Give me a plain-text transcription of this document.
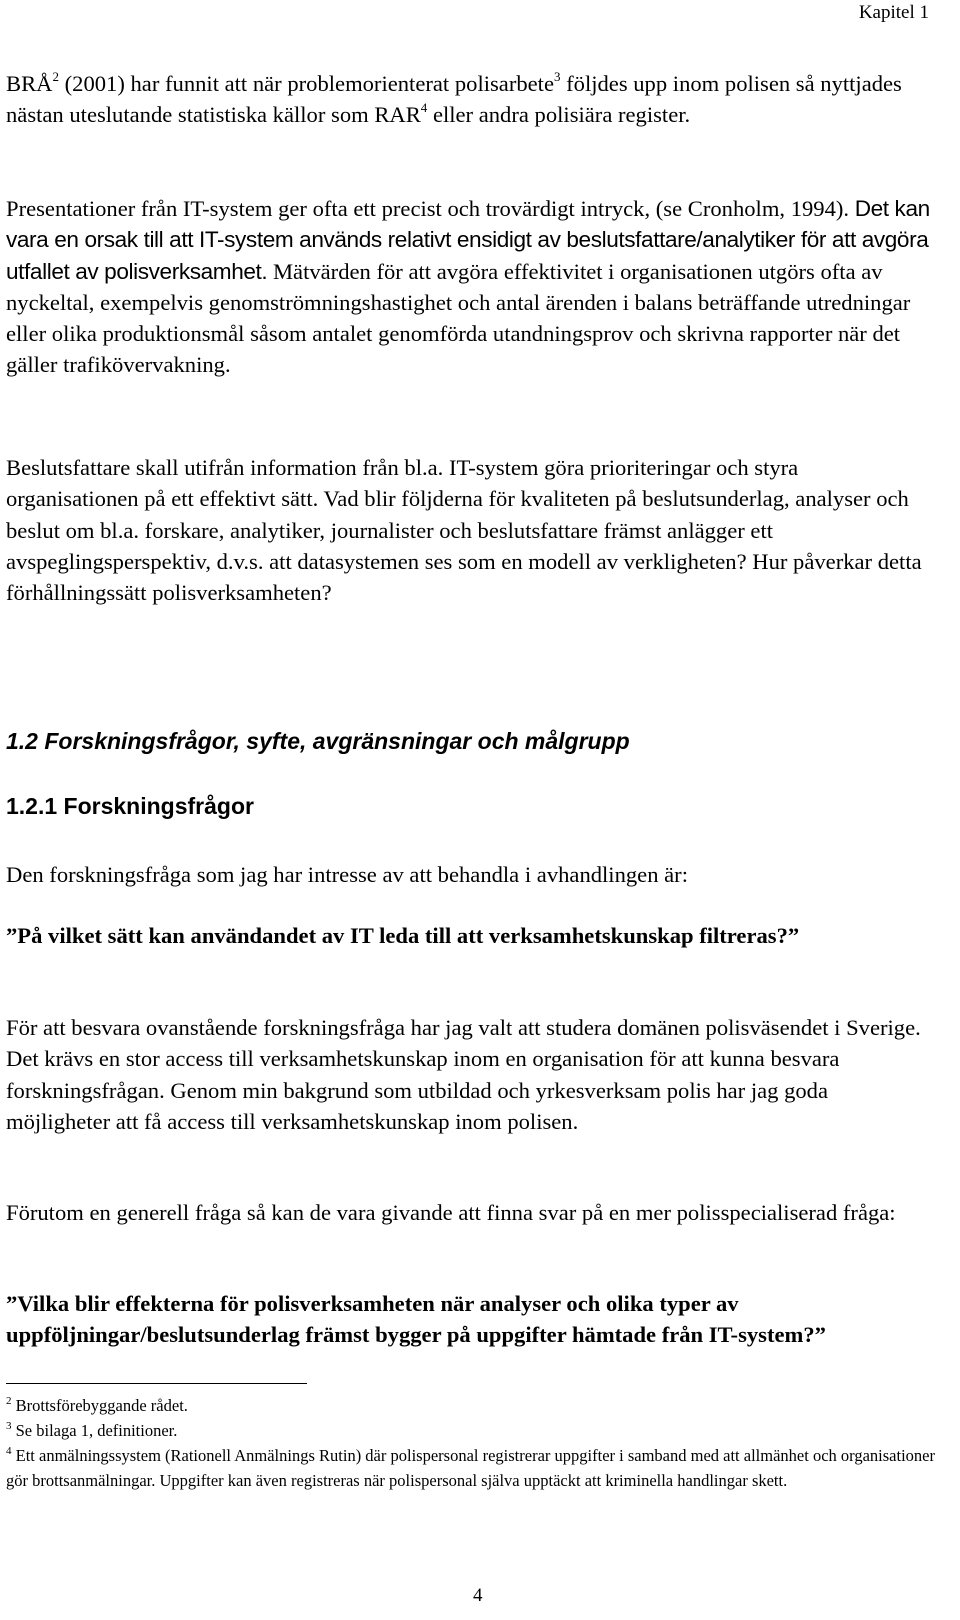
Kapitel 1

BRÅ$^2$ (2001) har funnit att när problemorienterat polisarbete$^3$ följdes upp inom polisen så nyttjades nästan uteslutande statistiska källor som RAR$^4$ eller andra polisiära register.

Presentationer från IT-system ger ofta ett precist och trovärdigt intryck, (se Cronholm, 1994). Det kan vara en orsak till att IT-system används relativt ensidigt av beslutsfattare/analytiker för att avgöra utfallet av polisverksamhet. Mätvärden för att avgöra effektivitet i organisationen utgörs ofta av nyckeltal, exempelvis genomströmningshastighet och antal ärenden i balans beträffande utredningar eller olika produktionsmål såsom antalet genomförda utandningsprov och skrivna rapporter när det gäller trafikövervakning.

Beslutsfattare skall utifrån information från bl.a. IT-system göra prioriteringar och styra organisationen på ett effektivt sätt. Vad blir följderna för kvaliteten på beslutsunderlag, analyser och beslut om bl.a. forskare, analytiker, journalister och beslutsfattare främst anlägger ett avspeglingsperspektiv, d.v.s. att datasystemen ses som en modell av verkligheten? Hur påverkar detta förhållningssätt polisverksamheten?

1.2 Forskningsfrågor, syfte, avgränsningar och målgrupp
1.2.1 Forskningsfrågor

Den forskningsfråga som jag har intresse av att behandla i avhandlingen är:

”På vilket sätt kan användandet av IT leda till att verksamhetskunskap filtreras?”

För att besvara ovanstående forskningsfråga har jag valt att studera domänen polisväsendet i Sverige. Det krävs en stor access till verksamhetskunskap inom en organisation för att kunna besvara forskningsfrågan. Genom min bakgrund som utbildad och yrkesverksam polis har jag goda möjligheter att få access till verksamhetskunskap inom polisen.

Förutom en generell fråga så kan de vara givande att finna svar på en mer polisspecialiserad fråga:

”Vilka blir effekterna för polisverksamheten när analyser och olika typer av uppföljningar/beslutsunderlag främst bygger på uppgifter hämtade från IT-system?”

$^2$ Brottsförebyggande rådet.

$^3$ Se bilaga 1, definitioner.

$^4$ Ett anmälningssystem (Rationell Anmälnings Rutin) där polispersonal registrerar uppgifter i samband med att allmänhet och organisationer gör brottsanmälningar. Uppgifter kan även registreras när polispersonal själva upptäckt att kriminella handlingar skett.

4
